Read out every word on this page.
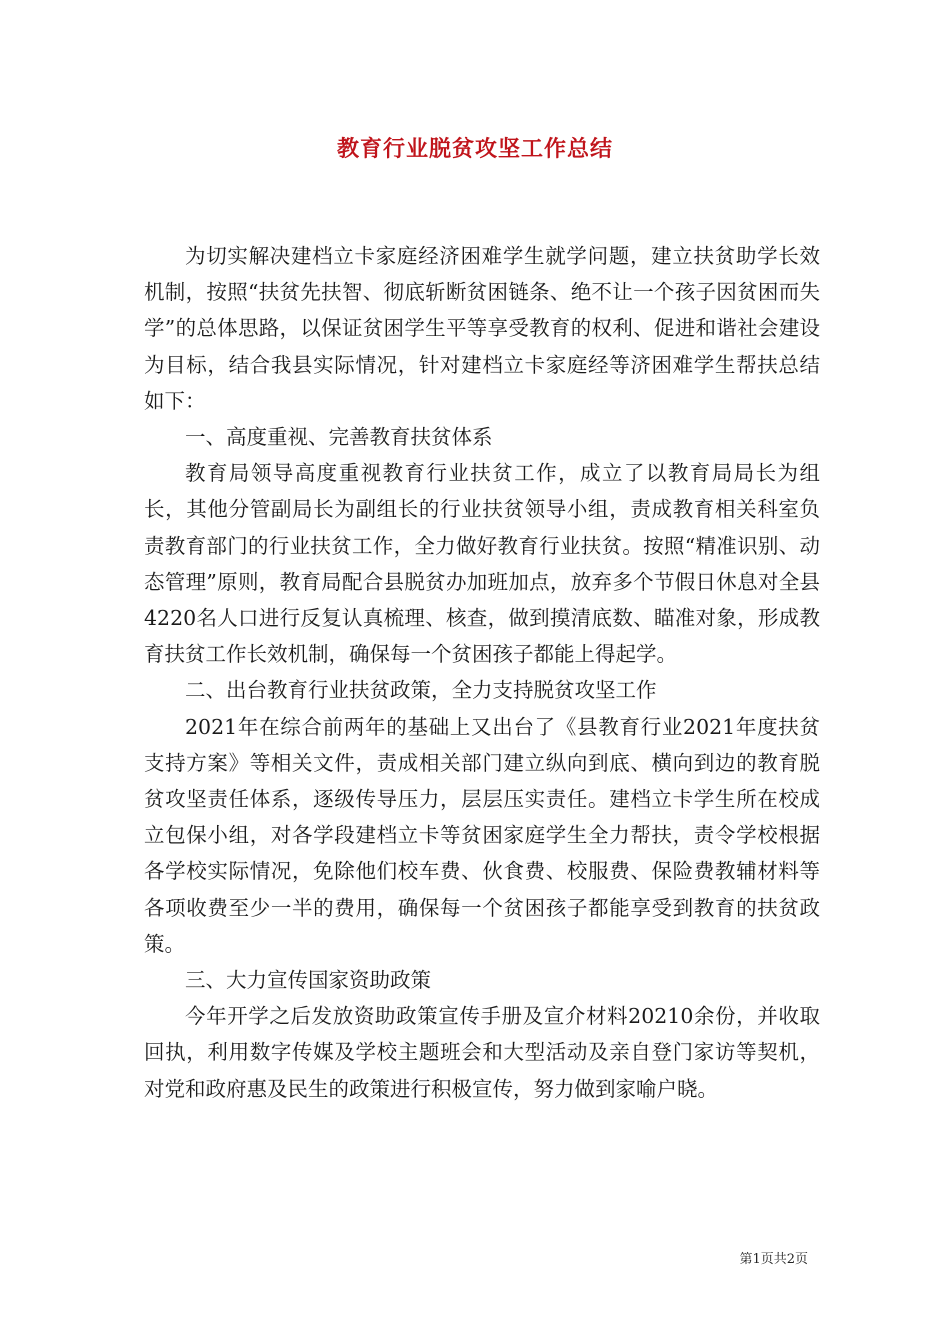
教育行业脱贫攻坚工作总结

为切实解决建档立卡家庭经济困难学生就学问题，建立扶贫助学长效机制，按照“扶贫先扶智、彻底斩断贫困链条、绝不让一个孩子因贫困而失学”的总体思路，以保证贫困学生平等享受教育的权利、促进和谐社会建设为目标，结合我县实际情况，针对建档立卡家庭经等济困难学生帮扶总结如下：

一、高度重视、完善教育扶贫体系

教育局领导高度重视教育行业扶贫工作，成立了以教育局局长为组长，其他分管副局长为副组长的行业扶贫领导小组，责成教育相关科室负责教育部门的行业扶贫工作，全力做好教育行业扶贫。按照“精准识别、动态管理”原则，教育局配合县脱贫办加班加点，放弃多个节假日休息对全县4220名人口进行反复认真梳理、核查，做到摸清底数、瞄准对象，形成教育扶贫工作长效机制，确保每一个贫困孩子都能上得起学。

二、出台教育行业扶贫政策，全力支持脱贫攻坚工作

2021年在综合前两年的基础上又出台了《县教育行业2021年度扶贫支持方案》等相关文件，责成相关部门建立纵向到底、横向到边的教育脱贫攻坚责任体系，逐级传导压力，层层压实责任。建档立卡学生所在校成立包保小组，对各学段建档立卡等贫困家庭学生全力帮扶，责令学校根据各学校实际情况，免除他们校车费、伙食费、校服费、保险费教辅材料等各项收费至少一半的费用，确保每一个贫困孩子都能享受到教育的扶贫政策。

三、大力宣传国家资助政策

今年开学之后发放资助政策宣传手册及宣介材料20210余份，并收取回执，利用数字传媒及学校主题班会和大型活动及亲自登门家访等契机，对党和政府惠及民生的政策进行积极宣传，努力做到家喻户晓。

第1页共2页
